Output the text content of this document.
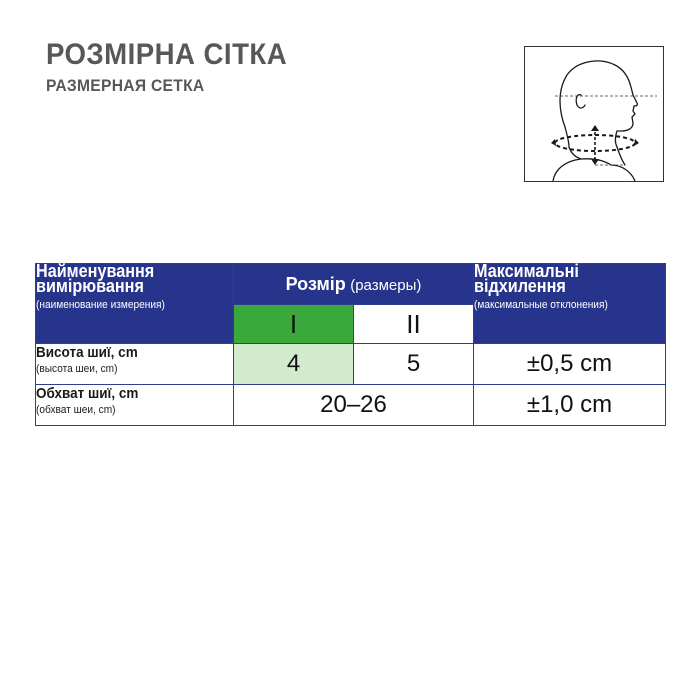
РОЗМІРНА СІТКА
РАЗМЕРНАЯ СЕТКА
Найменування вимірювання
(наименование измерения)	Розмір (размеры)		Максимальні відхилення
(максимальные отклонения)

	I	II	

Висота шиї, cm
(высота шеи, cm)	4	5	±0,5 cm

Обхват шиї, cm
(обхват шеи, cm)	20–26		±1,0 cm
